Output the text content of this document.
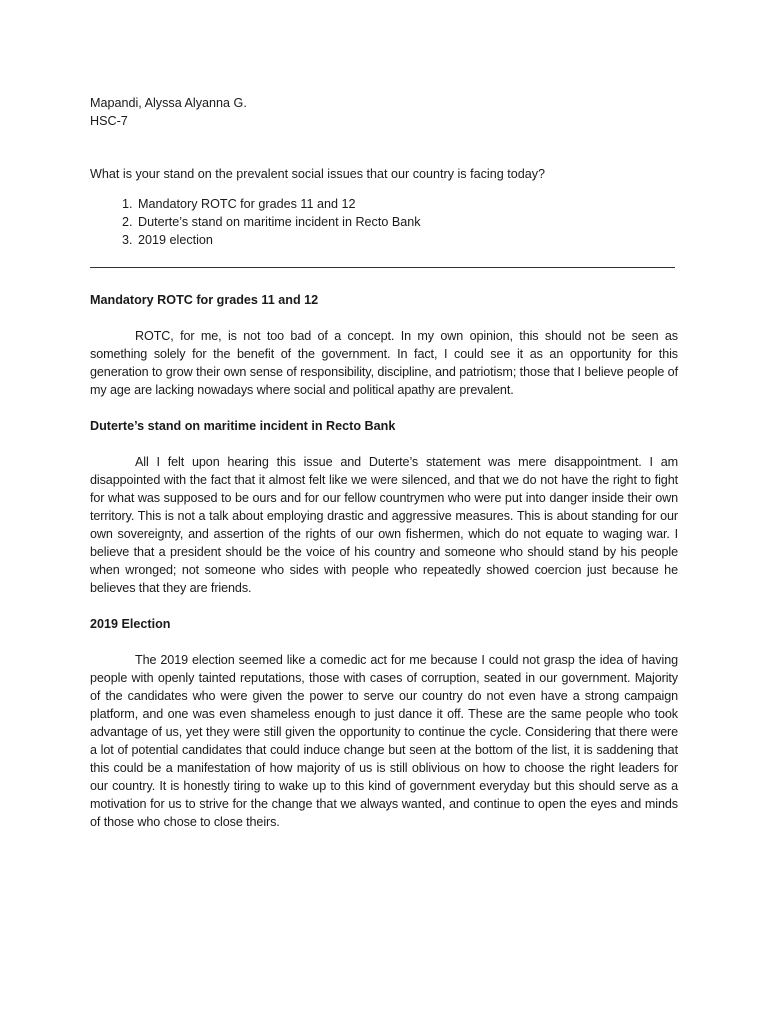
Mapandi, Alyssa Alyanna G.

HSC-7

What is your stand on the prevalent social issues that our country is facing today?

1. Mandatory ROTC for grades 11 and 12
2. Duterte’s stand on maritime incident in Recto Bank
3. 2019 election
Mandatory ROTC for grades 11 and 12

ROTC, for me, is not too bad of a concept. In my own opinion, this should not be seen as something solely for the benefit of the government. In fact, I could see it as an opportunity for this generation to grow their own sense of responsibility, discipline, and patriotism; those that I believe people of my age are lacking nowadays where social and political apathy are prevalent.

Duterte’s stand on maritime incident in Recto Bank

All I felt upon hearing this issue and Duterte’s statement was mere disappointment. I am disappointed with the fact that it almost felt like we were silenced, and that we do not have the right to fight for what was supposed to be ours and for our fellow countrymen who were put into danger inside their own territory. This is not a talk about employing drastic and aggressive measures. This is about standing for our own sovereignty, and assertion of the rights of our own fishermen, which do not equate to waging war. I believe that a president should be the voice of his country and someone who should stand by his people when wronged; not someone who sides with people who repeatedly showed coercion just because he believes that they are friends.

2019 Election

The 2019 election seemed like a comedic act for me because I could not grasp the idea of having people with openly tainted reputations, those with cases of corruption, seated in our government. Majority of the candidates who were given the power to serve our country do not even have a strong campaign platform, and one was even shameless enough to just dance it off. These are the same people who took advantage of us, yet they were still given the opportunity to continue the cycle. Considering that there were a lot of potential candidates that could induce change but seen at the bottom of the list, it is saddening that this could be a manifestation of how majority of us is still oblivious on how to choose the right leaders for our country. It is honestly tiring to wake up to this kind of government everyday but this should serve as a motivation for us to strive for the change that we always wanted, and continue to open the eyes and minds of those who chose to close theirs.
